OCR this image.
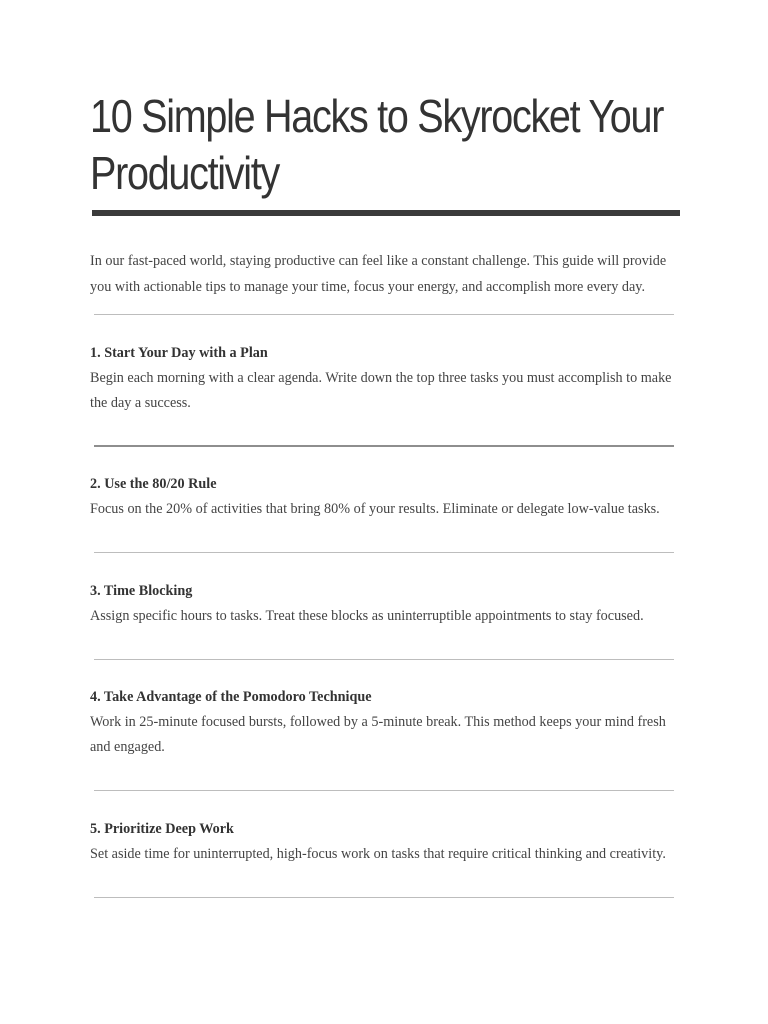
10 Simple Hacks to Skyrocket Your Productivity

In our fast-paced world, staying productive can feel like a constant challenge. This guide will provide you with actionable tips to manage your time, focus your energy, and accomplish more every day.

1. Start Your Day with a Plan

Begin each morning with a clear agenda. Write down the top three tasks you must accomplish to make the day a success.

2. Use the 80/20 Rule

Focus on the 20% of activities that bring 80% of your results. Eliminate or delegate low-value tasks.

3. Time Blocking

Assign specific hours to tasks. Treat these blocks as uninterruptible appointments to stay focused.

4. Take Advantage of the Pomodoro Technique

Work in 25-minute focused bursts, followed by a 5-minute break. This method keeps your mind fresh and engaged.

5. Prioritize Deep Work

Set aside time for uninterrupted, high-focus work on tasks that require critical thinking and creativity.
